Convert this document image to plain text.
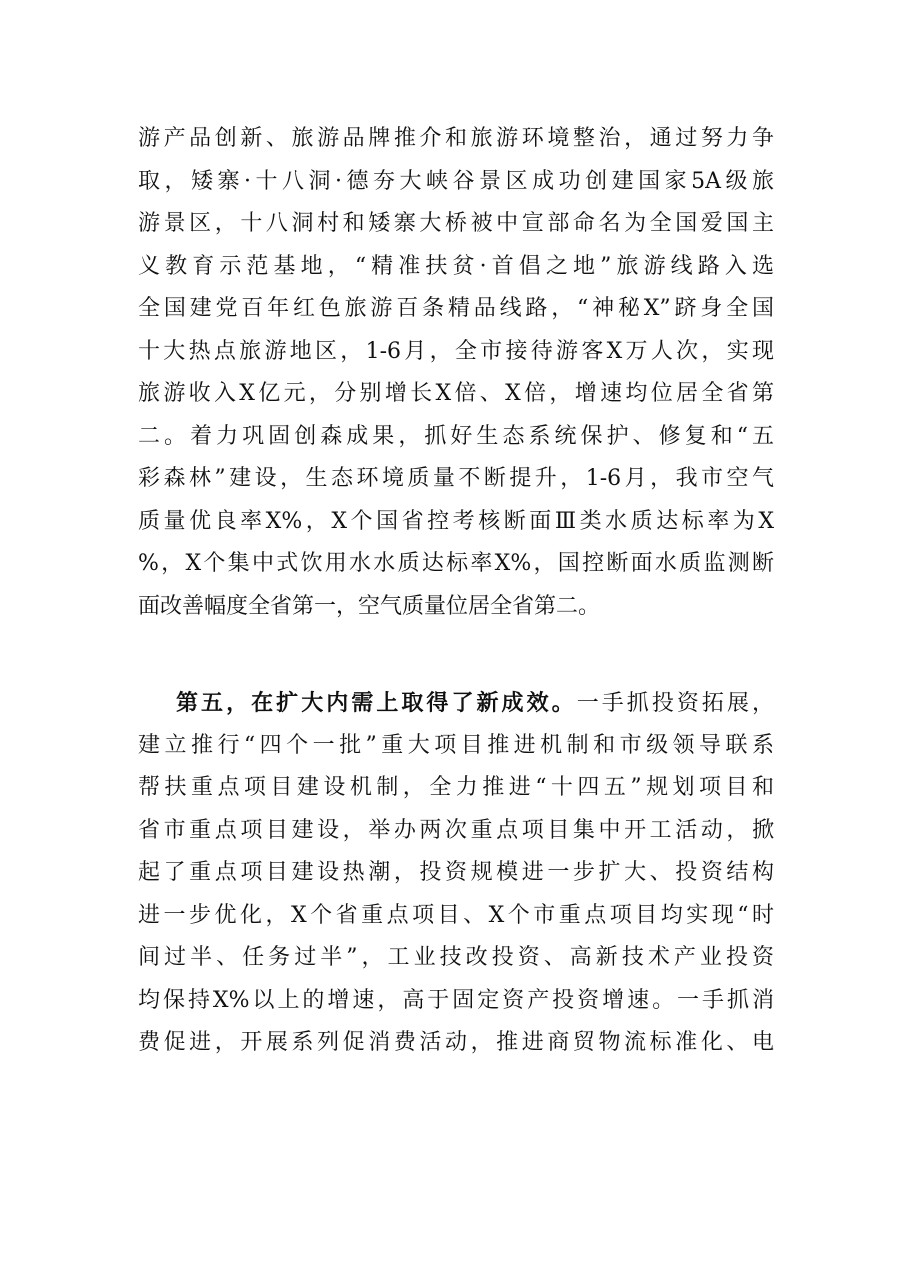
游产品创新、旅游品牌推介和旅游环境整治，通过努力争
取，矮寨·十八洞·德夯大峡谷景区成功创建国家5A级旅
游景区，十八洞村和矮寨大桥被中宣部命名为全国爱国主
义教育示范基地，“精准扶贫·首倡之地”旅游线路入选
全国建党百年红色旅游百条精品线路，“神秘X”跻身全国
十大热点旅游地区，1-6月，全市接待游客X万人次，实现
旅游收入X亿元，分别增长X倍、X倍，增速均位居全省第
二。着力巩固创森成果，抓好生态系统保护、修复和“五
彩森林”建设，生态环境质量不断提升，1-6月，我市空气
质量优良率X%，X个国省控考核断面Ⅲ类水质达标率为X
%，X个集中式饮用水水质达标率X%，国控断面水质监测断
面改善幅度全省第一，空气质量位居全省第二。
第五，在扩大内需上取得了新成效。一手抓投资拓展，
建立推行“四个一批”重大项目推进机制和市级领导联系
帮扶重点项目建设机制，全力推进“十四五”规划项目和
省市重点项目建设，举办两次重点项目集中开工活动，掀
起了重点项目建设热潮，投资规模进一步扩大、投资结构
进一步优化，X个省重点项目、X个市重点项目均实现“时
间过半、任务过半”，工业技改投资、高新技术产业投资
均保持X%以上的增速，高于固定资产投资增速。一手抓消
费促进，开展系列促消费活动，推进商贸物流标准化、电
